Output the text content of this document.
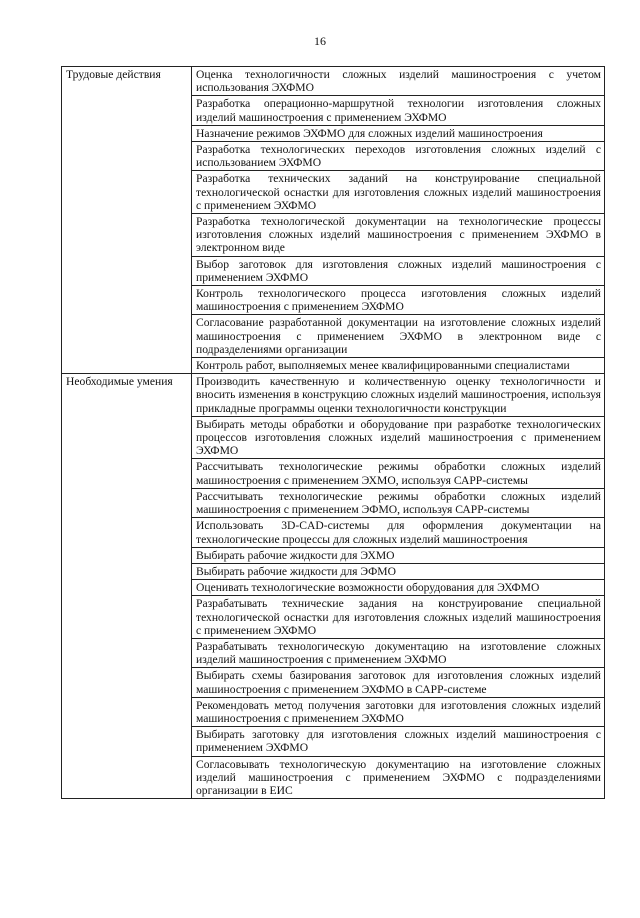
16
Трудовые действия	Оценка технологичности сложных изделий машиностроения с учетом использования ЭХФМО
	Разработка операционно-маршрутной технологии изготовления сложных изделий машиностроения с применением ЭХФМО
	Назначение режимов ЭХФМО для сложных изделий машиностроения
	Разработка технологических переходов изготовления сложных изделий с использованием ЭХФМО
	Разработка технических заданий на конструирование специальной технологической оснастки для изготовления сложных изделий машиностроения с применением ЭХФМО
	Разработка технологической документации на технологические процессы изготовления сложных изделий машиностроения с применением ЭХФМО в электронном виде
	Выбор заготовок для изготовления сложных изделий машиностроения с применением ЭХФМО
	Контроль технологического процесса изготовления сложных изделий машиностроения с применением ЭХФМО
	Согласование разработанной документации на изготовление сложных изделий машиностроения с применением ЭХФМО в электронном виде с подразделениями организации
	Контроль работ, выполняемых менее квалифицированными специалистами
Необходимые умения	Производить качественную и количественную оценку технологичности и вносить изменения в конструкцию сложных изделий машиностроения, используя прикладные программы оценки технологичности конструкции
	Выбирать методы обработки и оборудование при разработке технологических процессов изготовления сложных изделий машиностроения с применением ЭХФМО
	Рассчитывать технологические режимы обработки сложных изделий машиностроения с применением ЭХМО, используя САРР-системы
	Рассчитывать технологические режимы обработки сложных изделий машиностроения с применением ЭФМО, используя САРР-системы
	Использовать 3D-CAD-системы для оформления документации на технологические процессы для сложных изделий машиностроения
	Выбирать рабочие жидкости для ЭХМО
	Выбирать рабочие жидкости для ЭФМО
	Оценивать технологические возможности оборудования для ЭХФМО
	Разрабатывать технические задания на конструирование специальной технологической оснастки для изготовления сложных изделий машиностроения с применением ЭХФМО
	Разрабатывать технологическую документацию на изготовление сложных изделий машиностроения с применением ЭХФМО
	Выбирать схемы базирования заготовок для изготовления сложных изделий машиностроения с применением ЭХФМО в САРР-системе
	Рекомендовать метод получения заготовки для изготовления сложных изделий машиностроения с применением ЭХФМО
	Выбирать заготовку для изготовления сложных изделий машиностроения с применением ЭХФМО
	Согласовывать технологическую документацию на изготовление сложных изделий машиностроения с применением ЭХФМО с подразделениями организации в ЕИС
